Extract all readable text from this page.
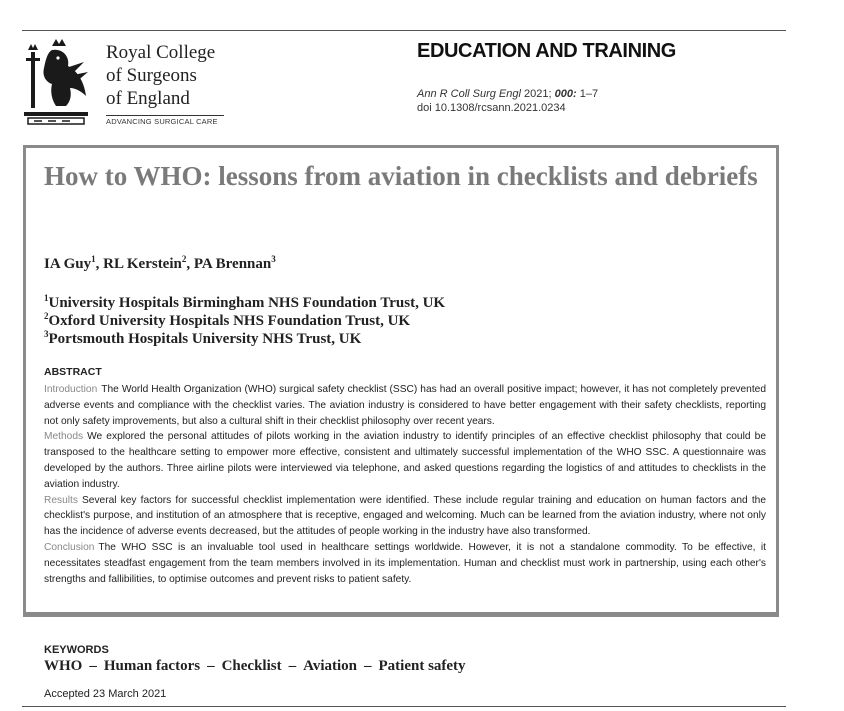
Royal College
of Surgeons
of England
ADVANCING SURGICAL CARE
EDUCATION AND TRAINING
Ann R Coll Surg Engl 2021; 000: 1–7
doi 10.1308/rcsann.2021.0234
How to WHO: lessons from aviation in checklists and debriefs
IA Guy$^1$, RL Kerstein$^2$, PA Brennan$^3$
$^1$University Hospitals Birmingham NHS Foundation Trust, UK
$^2$Oxford University Hospitals NHS Foundation Trust, UK
$^3$Portsmouth Hospitals University NHS Trust, UK
ABSTRACT

Introduction The World Health Organization (WHO) surgical safety checklist (SSC) has had an overall positive impact; however, it has not completely prevented adverse events and compliance with the checklist varies. The aviation industry is considered to have better engagement with their safety checklists, reporting not only safety improvements, but also a cultural shift in their checklist philosophy over recent years.

Methods We explored the personal attitudes of pilots working in the aviation industry to identify principles of an effective checklist philosophy that could be transposed to the healthcare setting to empower more effective, consistent and ultimately successful implementation of the WHO SSC. A questionnaire was developed by the authors. Three airline pilots were interviewed via telephone, and asked questions regarding the logistics of and attitudes to checklists in the aviation industry.

Results Several key factors for successful checklist implementation were identified. These include regular training and education on human factors and the checklist's purpose, and institution of an atmosphere that is receptive, engaged and welcoming. Much can be learned from the aviation industry, where not only has the incidence of adverse events decreased, but the attitudes of people working in the industry have also transformed.

Conclusion The WHO SSC is an invaluable tool used in healthcare settings worldwide. However, it is not a standalone commodity. To be effective, it necessitates steadfast engagement from the team members involved in its implementation. Human and checklist must work in partnership, using each other's strengths and fallibilities, to optimise outcomes and prevent risks to patient safety.

KEYWORDS
WHO – Human factors – Checklist – Aviation – Patient safety
Accepted 23 March 2021
